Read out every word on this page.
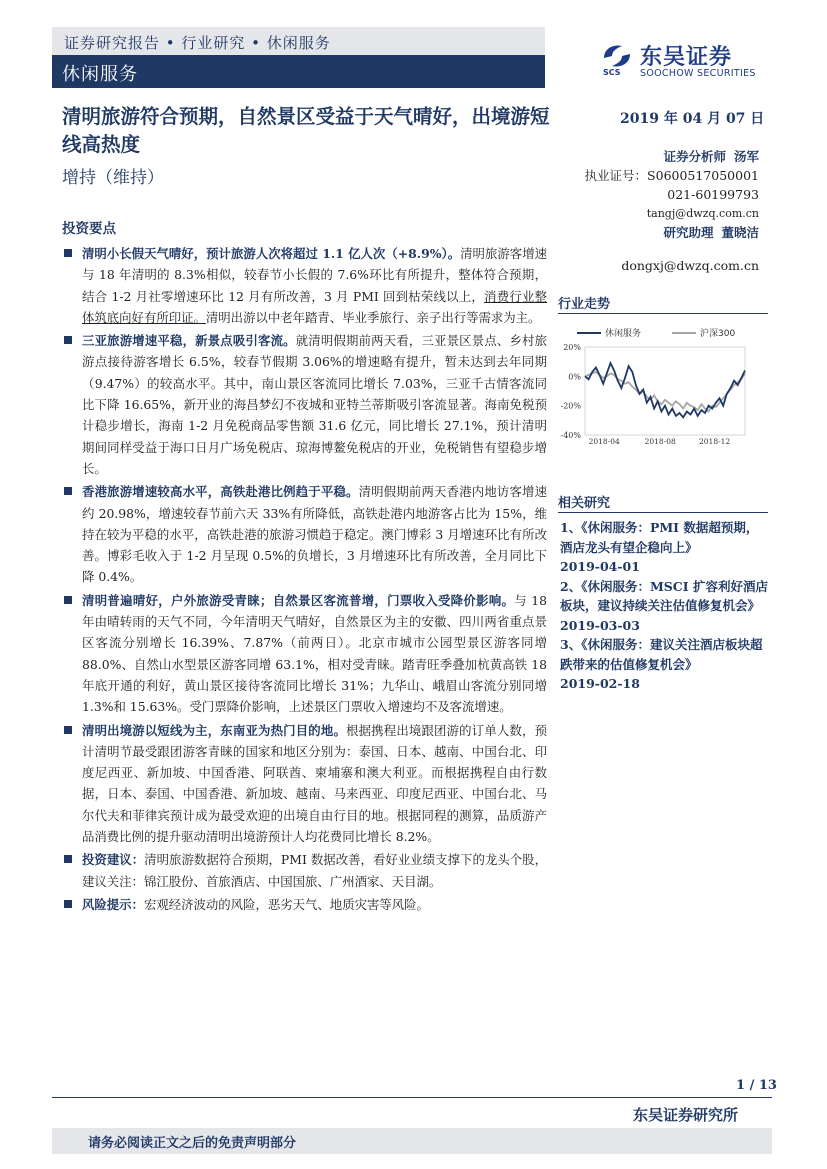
证券研究报告 • 行业研究 • 休闲服务
休闲服务	SCS
东吴证券
SOOCHOW SECURITIES
清明旅游符合预期，自然景区受益于天气晴好，出境游短线高热度
增持（维持）
2019 年 04 月 07 日
证券分析师 汤军
执业证号：S0600517050001
021-60199793
tangj@dwzq.com.cn
研究助理 董晓洁
dongxj@dwzq.com.cn
行业走势
休闲服务	沪深300
20%
0%
-20%
-40%
2018-04	2018-08	2018-12
相关研究
1、《休闲服务：PMI 数据超预期，酒店龙头有望企稳向上》
2019-04-01
2、《休闲服务：MSCI 扩容利好酒店板块，建议持续关注估值修复机会》
2019-03-03
3、《休闲服务：建议关注酒店板块超跌带来的估值修复机会》
2019-02-18
投资要点
清明小长假天气晴好，预计旅游人次将超过 1.1 亿人次（+8.9%）。清明旅游客增速与 18 年清明的 8.3%相似，较春节小长假的 7.6%环比有所提升，整体符合预期，结合 1-2 月社零增速环比 12 月有所改善，3 月 PMI 回到枯荣线以上，消费行业整体筑底向好有所印证。清明出游以中老年踏青、毕业季旅行、亲子出行等需求为主。
三亚旅游增速平稳，新景点吸引客流。就清明假期前两天看，三亚景区景点、乡村旅游点接待游客增长 6.5%，较春节假期 3.06%的增速略有提升，暂未达到去年同期（9.47%）的较高水平。其中，南山景区客流同比增长 7.03%，三亚千古情客流同比下降 16.65%，新开业的海昌梦幻不夜城和亚特兰蒂斯吸引客流显著。海南免税预计稳步增长，海南 1-2 月免税商品零售额 31.6 亿元，同比增长 27.1%，预计清明期间同样受益于海口日月广场免税店、琼海博鳌免税店的开业，免税销售有望稳步增长。
香港旅游增速较高水平，高铁赴港比例趋于平稳。清明假期前两天香港内地访客增速约 20.98%，增速较春节前六天 33%有所降低，高铁赴港内地游客占比为 15%，维持在较为平稳的水平，高铁赴港的旅游习惯趋于稳定。澳门博彩 3 月增速环比有所改善。博彩毛收入于 1-2 月呈现 0.5%的负增长，3 月增速环比有所改善，全月同比下降 0.4%。
清明普遍晴好，户外旅游受青睐；自然景区客流普增，门票收入受降价影响。与 18 年由晴转雨的天气不同，今年清明天气晴好，自然景区为主的安徽、四川两省重点景区客流分别增长 16.39%、7.87%（前两日）。北京市城市公园型景区游客同增 88.0%、自然山水型景区游客同增 63.1%，相对受青睐。踏青旺季叠加杭黄高铁 18 年底开通的利好，黄山景区接待客流同比增长 31%；九华山、峨眉山客流分别同增 1.3%和 15.63%。受门票降价影响，上述景区门票收入增速均不及客流增速。
清明出境游以短线为主，东南亚为热门目的地。根据携程出境跟团游的订单人数，预计清明节最受跟团游客青睐的国家和地区分别为：泰国、日本、越南、中国台北、印度尼西亚、新加坡、中国香港、阿联酋、柬埔寨和澳大利亚。而根据携程自由行数据，日本、泰国、中国香港、新加坡、越南、马来西亚、印度尼西亚、中国台北、马尔代夫和菲律宾预计成为最受欢迎的出境自由行目的地。根据同程的测算，品质游产品消费比例的提升驱动清明出境游预计人均花费同比增长 8.2%。
投资建议：清明旅游数据符合预期，PMI 数据改善，看好业业绩支撑下的龙头个股，建议关注：锦江股份、首旅酒店、中国国旅、广州酒家、天目湖。
风险提示：宏观经济波动的风险，恶劣天气、地质灾害等风险。
1 / 13
东吴证券研究所
请务必阅读正文之后的免责声明部分
